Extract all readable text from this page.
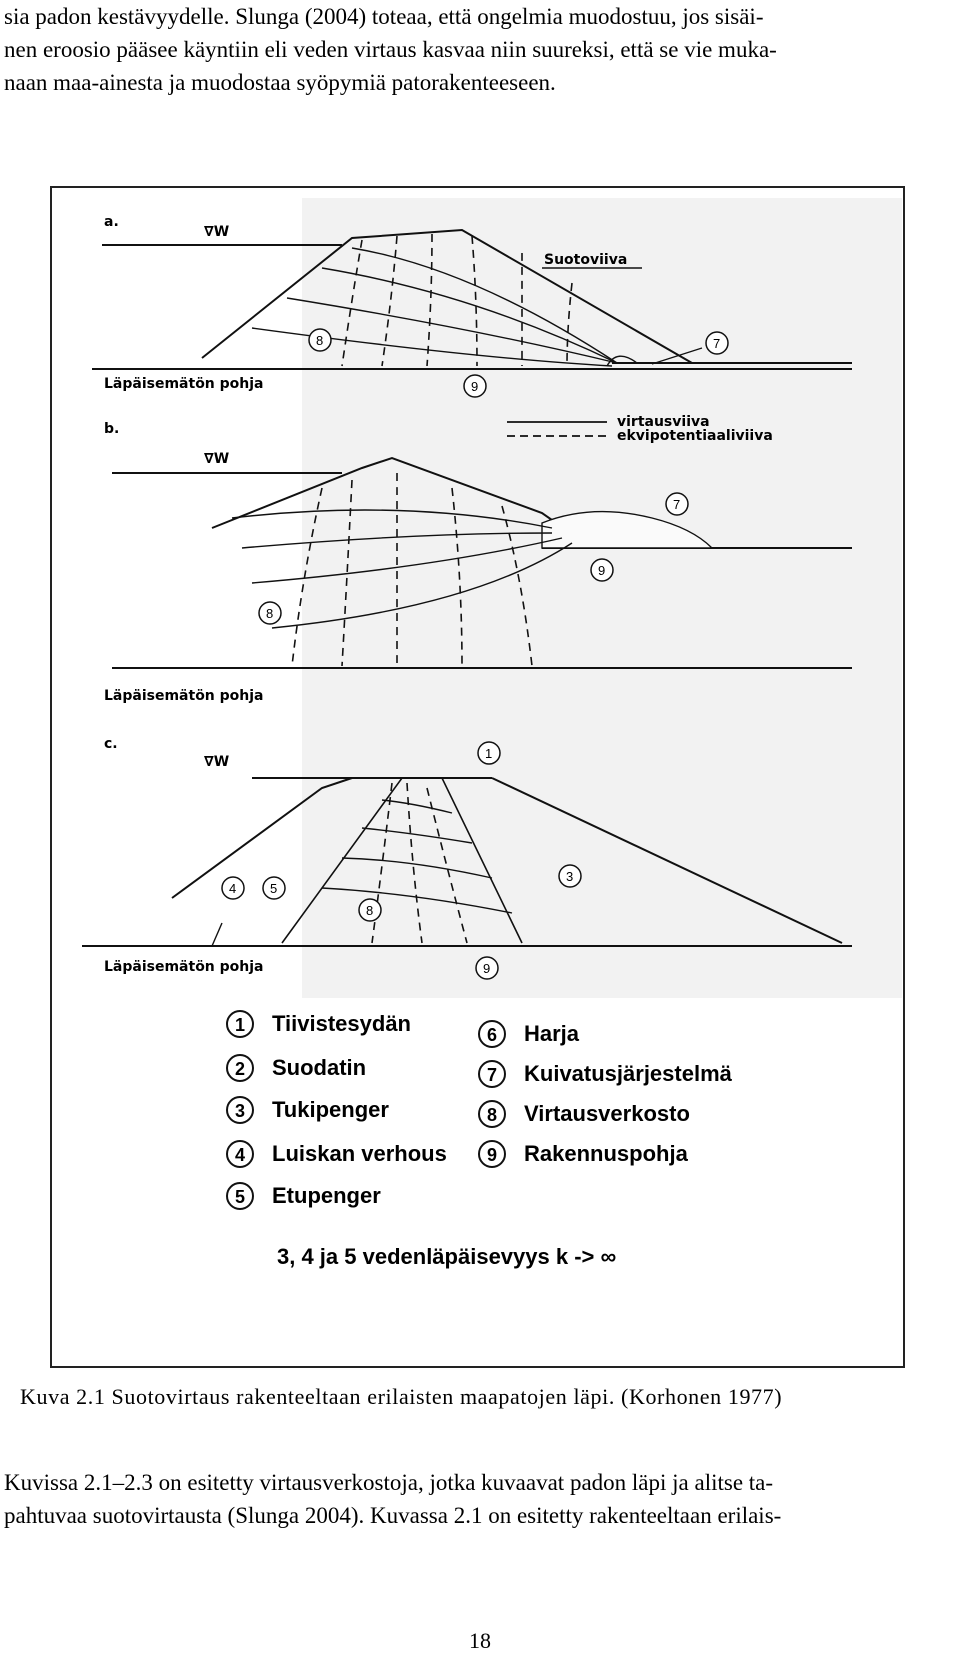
sia padon kestävyydelle. Slunga (2004) toteaa, että ongelmia muodostuu, jos sisäi-
nen eroosio pääsee käyntiin eli veden virtaus kasvaa niin suureksi, että se vie muka-
naan maa-ainesta ja muodostaa syöpymiä patorakenteeseen.
a.
∇W
Suotoviiva
Läpäisemätön pohja
virtausviiva
ekvipotentiaaliviiva
8
9
7
b.
∇W
Läpäisemätön pohja
7
9
8
c.
∇W
Läpäisemätön pohja
1
4	5
3
8
9
1 Tiivistesydän
2 Suodatin
3 Tukipenger
4 Luiskan verhous
5 Etupenger
6 Harja
7 Kuivatusjärjestelmä
8 Virtausverkosto
9 Rakennuspohja
3, 4 ja 5 vedenläpäisevyys k -> ∞
Kuva 2.1 Suotovirtaus rakenteeltaan erilaisten maapatojen läpi. (Korhonen 1977)
Kuvissa 2.1–2.3 on esitetty virtausverkostoja, jotka kuvaavat padon läpi ja alitse ta-
pahtuvaa suotovirtausta (Slunga 2004). Kuvassa 2.1 on esitetty rakenteeltaan erilais-
18
